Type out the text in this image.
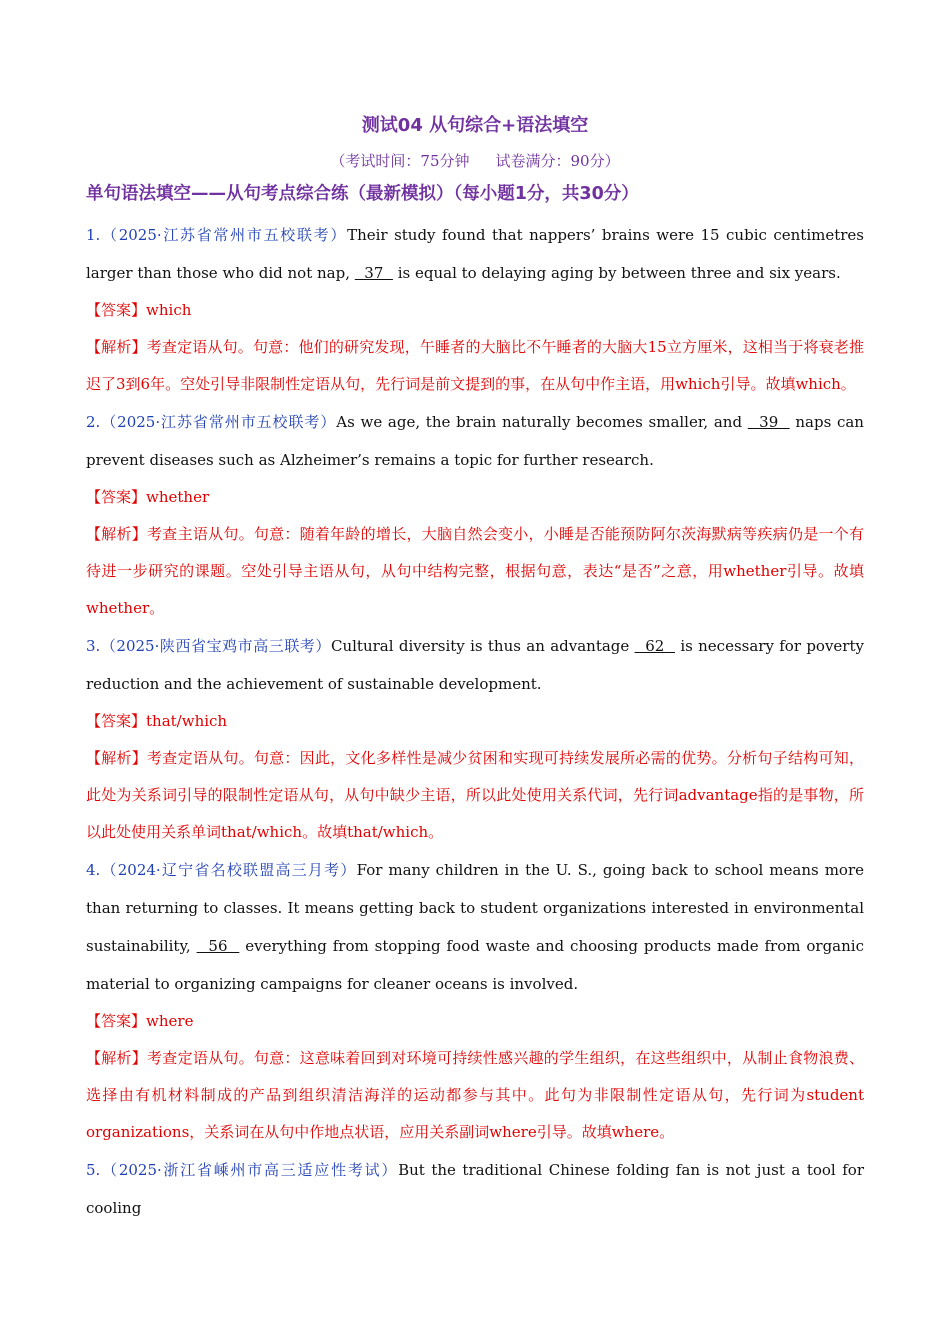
测试04 从句综合+语法填空
（考试时间：75分钟 试卷满分：90分）
单句语法填空——从句考点综合练（最新模拟）（每小题1分，共30分）

1.（2025·江苏省常州市五校联考）Their study found that nappers’ brains were 15 cubic centimetres larger than those who did not nap,   37   is equal to delaying aging by between three and six years.

【答案】which

【解析】考查定语从句。句意：他们的研究发现，午睡者的大脑比不午睡者的大脑大15立方厘米，这相当于将衰老推迟了3到6年。空处引导非限制性定语从句，先行词是前文提到的事，在从句中作主语，用which引导。故填which。

2.（2025·江苏省常州市五校联考）As we age, the brain naturally becomes smaller, and   39   naps can prevent diseases such as Alzheimer’s remains a topic for further research.

【答案】whether

【解析】考查主语从句。句意：随着年龄的增长，大脑自然会变小，小睡是否能预防阿尔茨海默病等疾病仍是一个有待进一步研究的课题。空处引导主语从句，从句中结构完整，根据句意，表达“是否”之意，用whether引导。故填whether。

3.（2025·陕西省宝鸡市高三联考）Cultural diversity is thus an advantage   62   is necessary for poverty reduction and the achievement of sustainable development.

【答案】that/which

【解析】考查定语从句。句意：因此，文化多样性是减少贫困和实现可持续发展所必需的优势。分析句子结构可知，此处为关系词引导的限制性定语从句，从句中缺少主语，所以此处使用关系代词，先行词advantage指的是事物，所以此处使用关系单词that/which。故填that/which。

4.（2024·辽宁省名校联盟高三月考）For many children in the U. S., going back to school means more than returning to classes. It means getting back to student organizations interested in environmental sustainability,   56   everything from stopping food waste and choosing products made from organic material to organizing campaigns for cleaner oceans is involved.

【答案】where

【解析】考查定语从句。句意：这意味着回到对环境可持续性感兴趣的学生组织，在这些组织中，从制止食物浪费、选择由有机材料制成的产品到组织清洁海洋的运动都参与其中。此句为非限制性定语从句，先行词为student organizations，关系词在从句中作地点状语，应用关系副词where引导。故填where。

5.（2025·浙江省嵊州市高三适应性考试）But the traditional Chinese folding fan is not just a tool for cooling
